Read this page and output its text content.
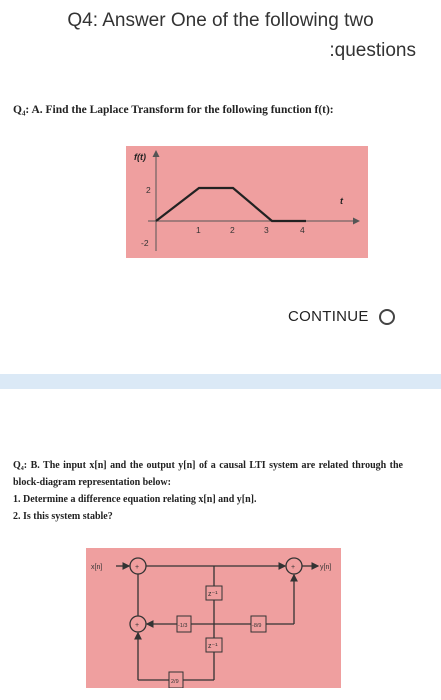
Q4: Answer One of the following two
:questions
Q₄: A. Find the Laplace Transform for the following function f(t):
f(t)
t
2
-2
1	2	3	4
CONTINUE
Q₄: B. The input x[n] and the output y[n] of a causal LTI system are related through the block-diagram representation below:
1. Determine a difference equation relating x[n] and y[n].
2. Is this system stable?
+
+
+
z⁻¹
z⁻¹
-1/3	-8/9
2/9
x[n]	y[n]
